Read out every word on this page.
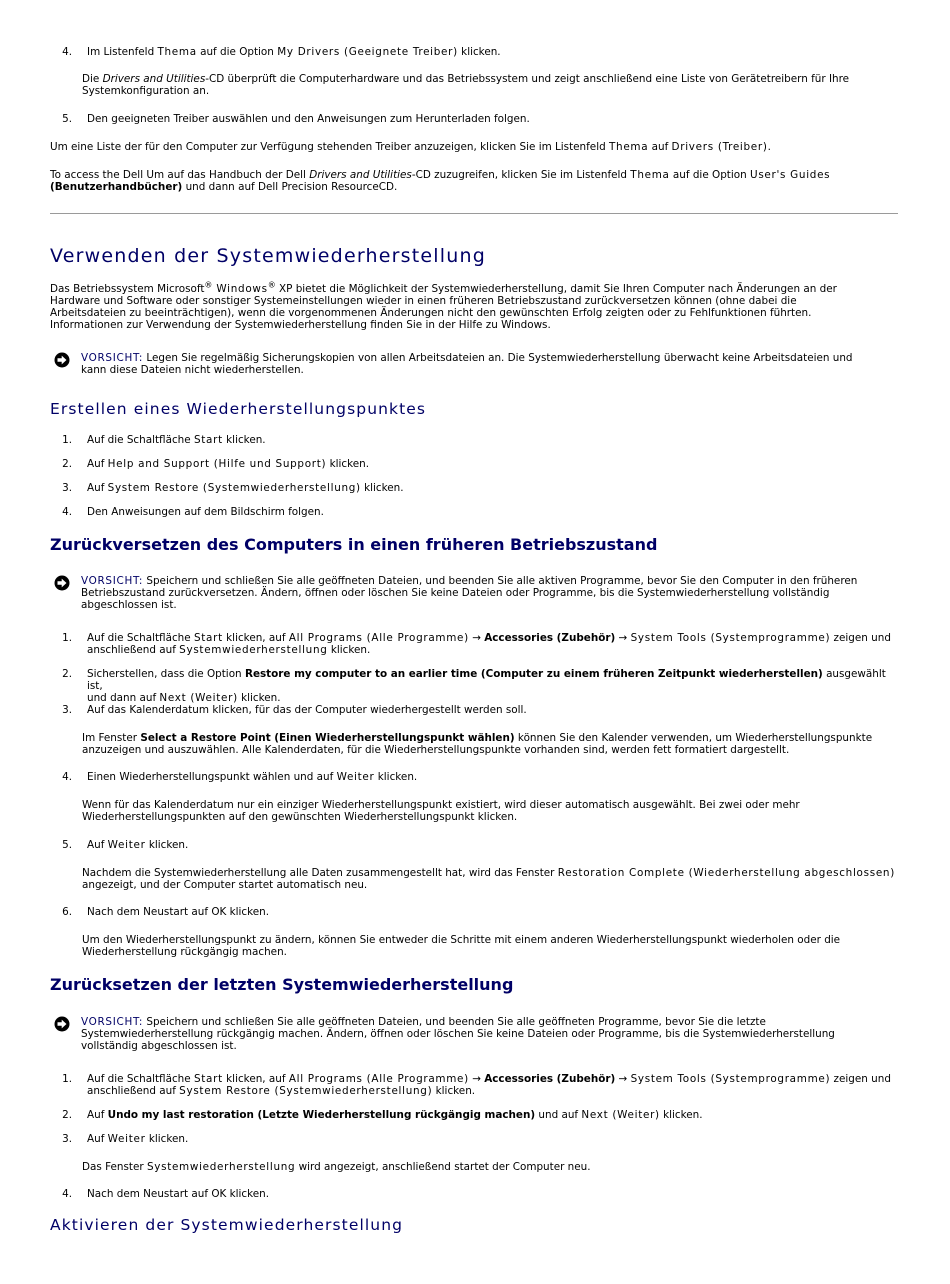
4. Im Listenfeld Thema auf die Option My Drivers (Geeignete Treiber) klicken.
Die Drivers and Utilities-CD überprüft die Computerhardware und das Betriebssystem und zeigt anschließend eine Liste von Gerätetreibern für Ihre
Systemkonfiguration an.
5. Den geeigneten Treiber auswählen und den Anweisungen zum Herunterladen folgen.
Um eine Liste der für den Computer zur Verfügung stehenden Treiber anzuzeigen, klicken Sie im Listenfeld Thema auf Drivers (Treiber).
To access the Dell Um auf das Handbuch der Dell Drivers and Utilities-CD zuzugreifen, klicken Sie im Listenfeld Thema auf die Option User's Guides
(Benutzerhandbücher) und dann auf Dell Precision ResourceCD.
Verwenden der Systemwiederherstellung
Das Betriebssystem Microsoft® Windows® XP bietet die Möglichkeit der Systemwiederherstellung, damit Sie Ihren Computer nach Änderungen an der
Hardware und Software oder sonstiger Systemeinstellungen wieder in einen früheren Betriebszustand zurückversetzen können (ohne dabei die
Arbeitsdateien zu beeinträchtigen), wenn die vorgenommenen Änderungen nicht den gewünschten Erfolg zeigten oder zu Fehlfunktionen führten.
Informationen zur Verwendung der Systemwiederherstellung finden Sie in der Hilfe zu Windows.
VORSICHT: Legen Sie regelmäßig Sicherungskopien von allen Arbeitsdateien an. Die Systemwiederherstellung überwacht keine Arbeitsdateien und
kann diese Dateien nicht wiederherstellen.
Erstellen eines Wiederherstellungspunktes
1. Auf die Schaltfläche Start klicken.
2. Auf Help and Support (Hilfe und Support) klicken.
3. Auf System Restore (Systemwiederherstellung) klicken.
4. Den Anweisungen auf dem Bildschirm folgen.
Zurückversetzen des Computers in einen früheren Betriebszustand
VORSICHT: Speichern und schließen Sie alle geöffneten Dateien, und beenden Sie alle aktiven Programme, bevor Sie den Computer in den früheren
Betriebszustand zurückversetzen. Ändern, öffnen oder löschen Sie keine Dateien oder Programme, bis die Systemwiederherstellung vollständig
abgeschlossen ist.
1. Auf die Schaltfläche Start klicken, auf All Programs (Alle Programme) → Accessories (Zubehör) → System Tools (Systemprogramme) zeigen und
anschließend auf Systemwiederherstellung klicken.
2. Sicherstellen, dass die Option Restore my computer to an earlier time (Computer zu einem früheren Zeitpunkt wiederherstellen) ausgewählt ist,
und dann auf Next (Weiter) klicken.
3. Auf das Kalenderdatum klicken, für das der Computer wiederhergestellt werden soll.
Im Fenster Select a Restore Point (Einen Wiederherstellungspunkt wählen) können Sie den Kalender verwenden, um Wiederherstellungspunkte
anzuzeigen und auszuwählen. Alle Kalenderdaten, für die Wiederherstellungspunkte vorhanden sind, werden fett formatiert dargestellt.
4. Einen Wiederherstellungspunkt wählen und auf Weiter klicken.
Wenn für das Kalenderdatum nur ein einziger Wiederherstellungspunkt existiert, wird dieser automatisch ausgewählt. Bei zwei oder mehr
Wiederherstellungspunkten auf den gewünschten Wiederherstellungspunkt klicken.
5. Auf Weiter klicken.
Nachdem die Systemwiederherstellung alle Daten zusammengestellt hat, wird das Fenster Restoration Complete (Wiederherstellung abgeschlossen)
angezeigt, und der Computer startet automatisch neu.
6. Nach dem Neustart auf OK klicken.
Um den Wiederherstellungspunkt zu ändern, können Sie entweder die Schritte mit einem anderen Wiederherstellungspunkt wiederholen oder die
Wiederherstellung rückgängig machen.
Zurücksetzen der letzten Systemwiederherstellung
VORSICHT: Speichern und schließen Sie alle geöffneten Dateien, und beenden Sie alle geöffneten Programme, bevor Sie die letzte
Systemwiederherstellung rückgängig machen. Ändern, öffnen oder löschen Sie keine Dateien oder Programme, bis die Systemwiederherstellung
vollständig abgeschlossen ist.
1. Auf die Schaltfläche Start klicken, auf All Programs (Alle Programme) → Accessories (Zubehör) → System Tools (Systemprogramme) zeigen und
anschließend auf System Restore (Systemwiederherstellung) klicken.
2. Auf Undo my last restoration (Letzte Wiederherstellung rückgängig machen) und auf Next (Weiter) klicken.
3. Auf Weiter klicken.
Das Fenster Systemwiederherstellung wird angezeigt, anschließend startet der Computer neu.
4. Nach dem Neustart auf OK klicken.
Aktivieren der Systemwiederherstellung
